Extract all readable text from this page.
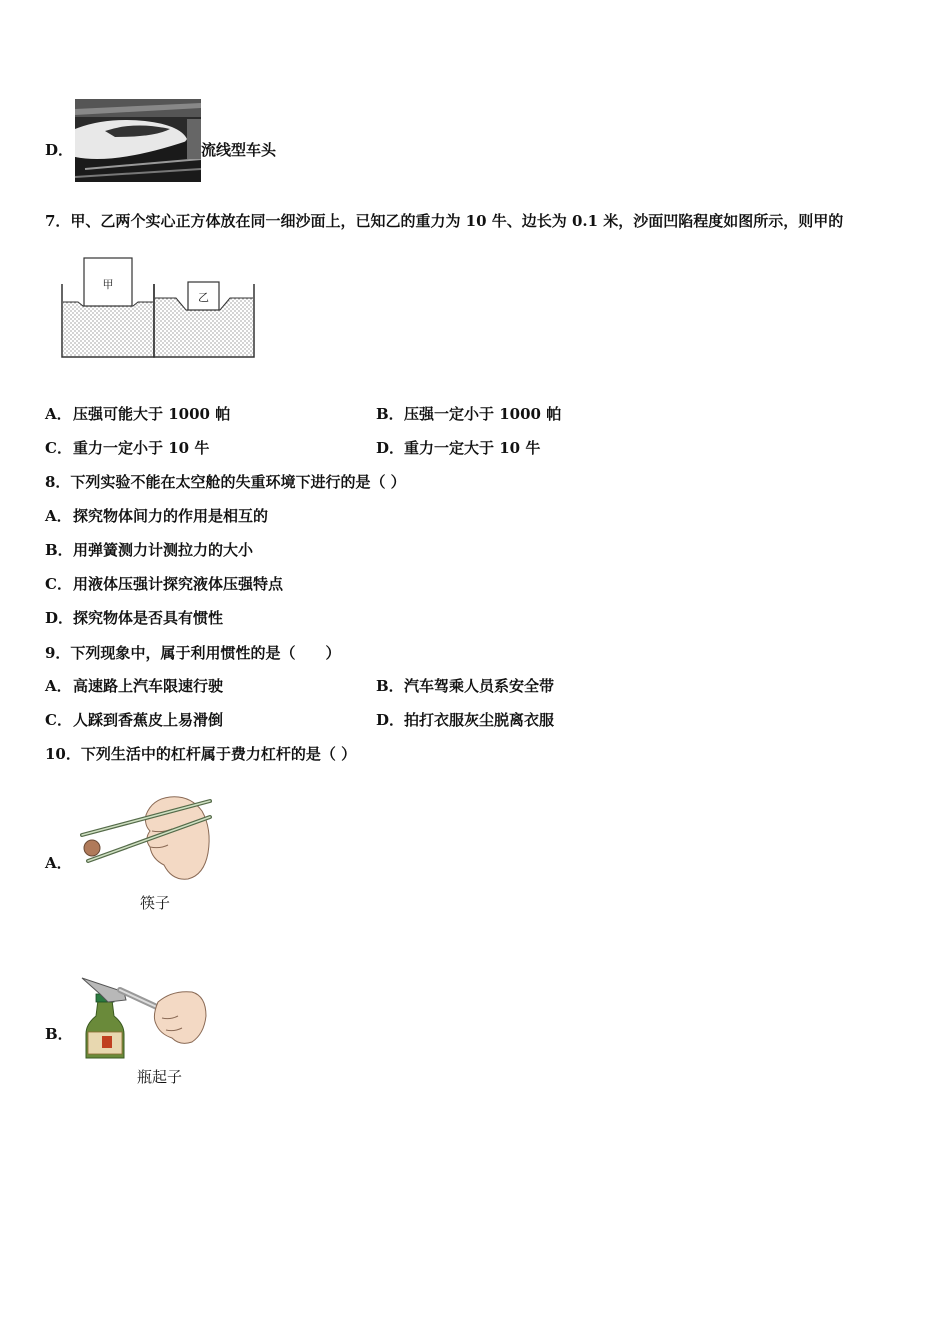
D．	流线型车头
7．甲、乙两个实心正方体放在同一细沙面上，已知乙的重力为 10 牛、边长为 0.1 米，沙面凹陷程度如图所示，则甲的
甲
乙
A．压强可能大于 1000 帕	B．压强一定小于 1000 帕
C．重力一定小于 10 牛	D．重力一定大于 10 牛
8．下列实验不能在太空舱的失重环境下进行的是（ ）
A．探究物体间力的作用是相互的
B．用弹簧测力计测拉力的大小
C．用液体压强计探究液体压强特点
D．探究物体是否具有惯性
9．下列现象中，属于利用惯性的是（　　）
A．高速路上汽车限速行驶	B．汽车驾乘人员系安全带
C．人踩到香蕉皮上易滑倒	D．拍打衣服灰尘脱离衣服
10．下列生活中的杠杆属于费力杠杆的是（ ）
A．
筷子
B．
瓶起子
